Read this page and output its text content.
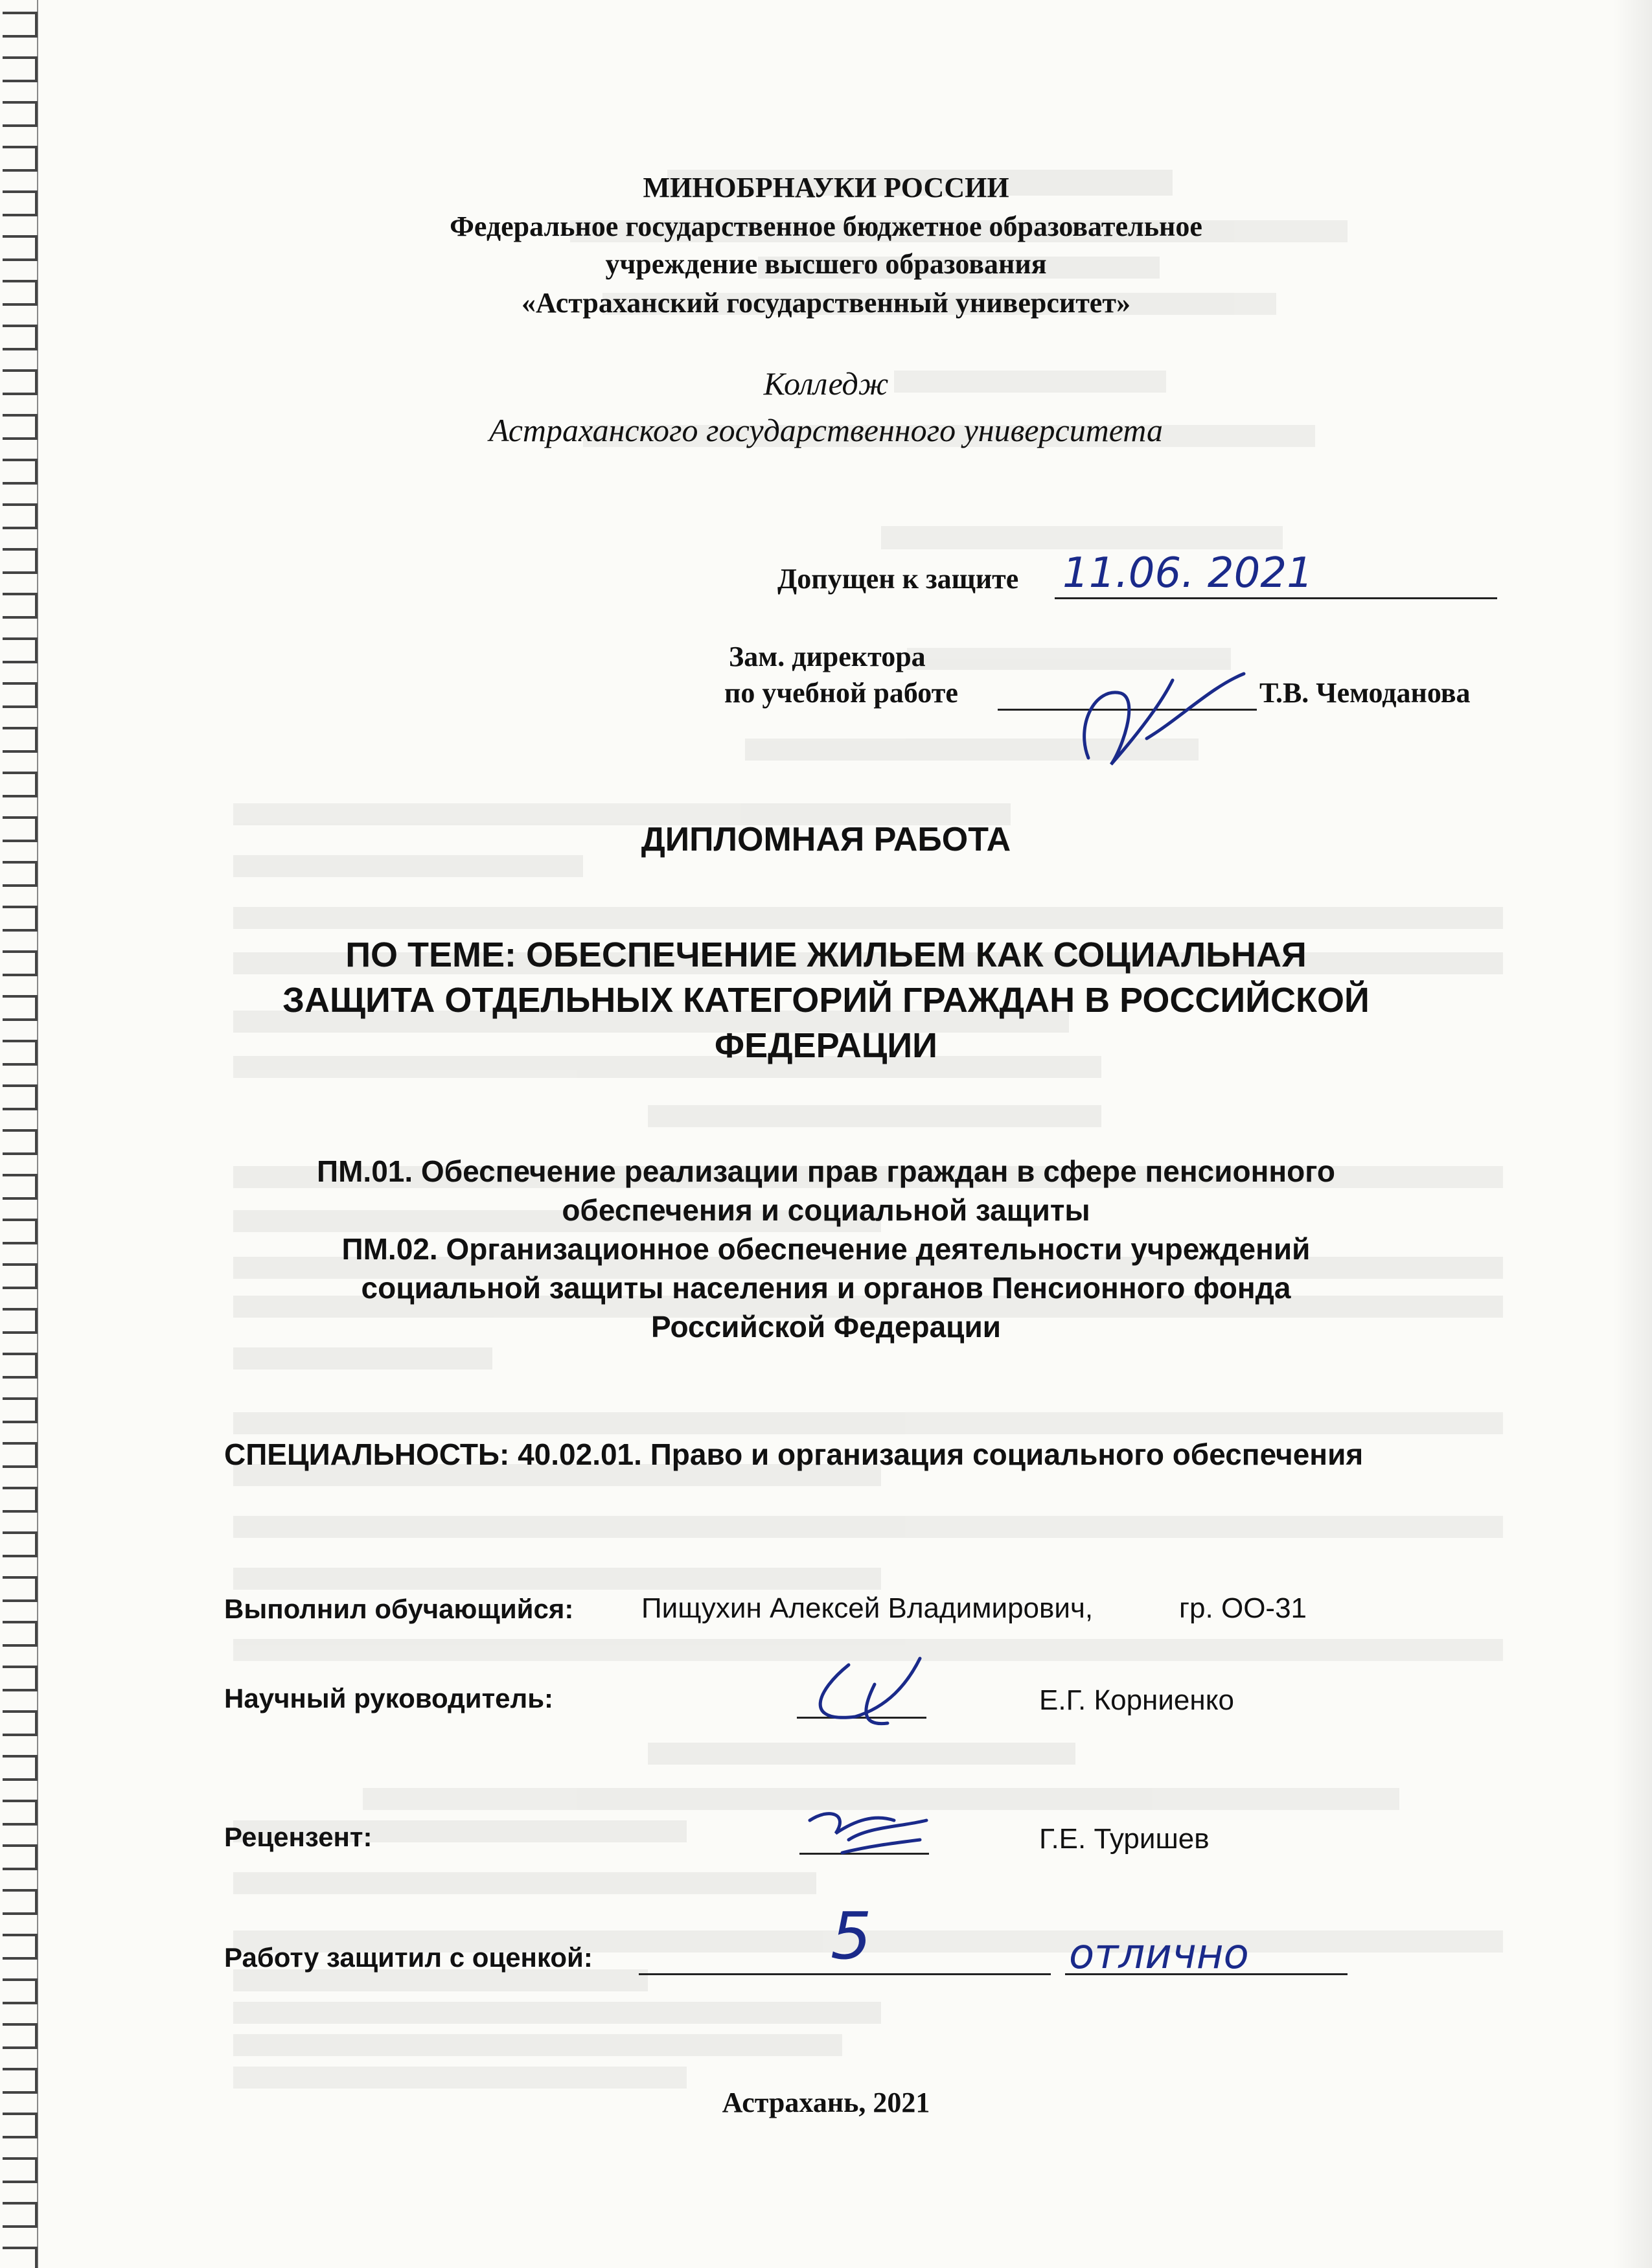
МИНОБРНАУКИ РОССИИ
Федеральное государственное бюджетное образовательное
учреждение высшего образования
«Астраханский государственный университет»
Колледж
Астраханского государственного университета
Допущен к защите 11.06. 2021
Зам. директора
по учебной работе	Т.В. Чемоданова
ДИПЛОМНАЯ РАБОТА
ПО ТЕМЕ: ОБЕСПЕЧЕНИЕ ЖИЛЬЕМ КАК СОЦИАЛЬНАЯ
ЗАЩИТА ОТДЕЛЬНЫХ КАТЕГОРИЙ ГРАЖДАН В РОССИЙСКОЙ
ФЕДЕРАЦИИ
ПМ.01. Обеспечение реализации прав граждан в сфере пенсионного
обеспечения и социальной защиты
ПМ.02. Организационное обеспечение деятельности учреждений
социальной защиты населения и органов Пенсионного фонда
Российской Федерации
СПЕЦИАЛЬНОСТЬ: 40.02.01. Право и организация социального обеспечения
Выполнил обучающийся: Пищухин Алексей Владимирович,	гр. ОО-31
Научный руководитель:	Е.Г. Корниенко
Рецензент:	Г.Е. Туришев
Работу защитил с оценкой:	5	отлично
Астрахань, 2021
